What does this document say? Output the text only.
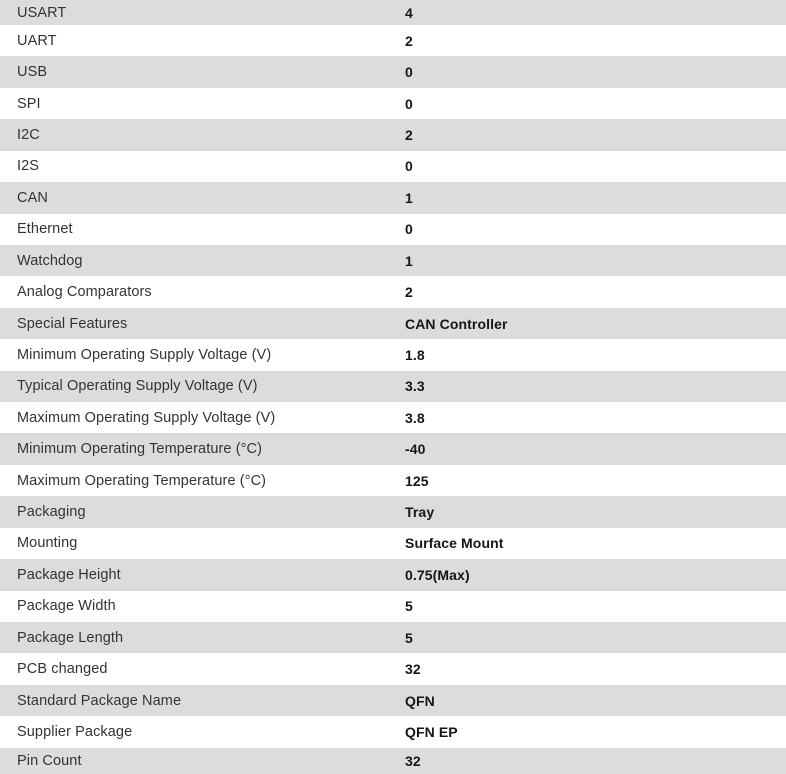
USART	4
UART	2
USB	0
SPI	0
I2C	2
I2S	0
CAN	1
Ethernet	0
Watchdog	1
Analog Comparators	2
Special Features	CAN Controller
Minimum Operating Supply Voltage (V)	1.8
Typical Operating Supply Voltage (V)	3.3
Maximum Operating Supply Voltage (V)	3.8
Minimum Operating Temperature (°C)	-40
Maximum Operating Temperature (°C)	125
Packaging	Tray
Mounting	Surface Mount
Package Height	0.75(Max)
Package Width	5
Package Length	5
PCB changed	32
Standard Package Name	QFN
Supplier Package	QFN EP
Pin Count	32
